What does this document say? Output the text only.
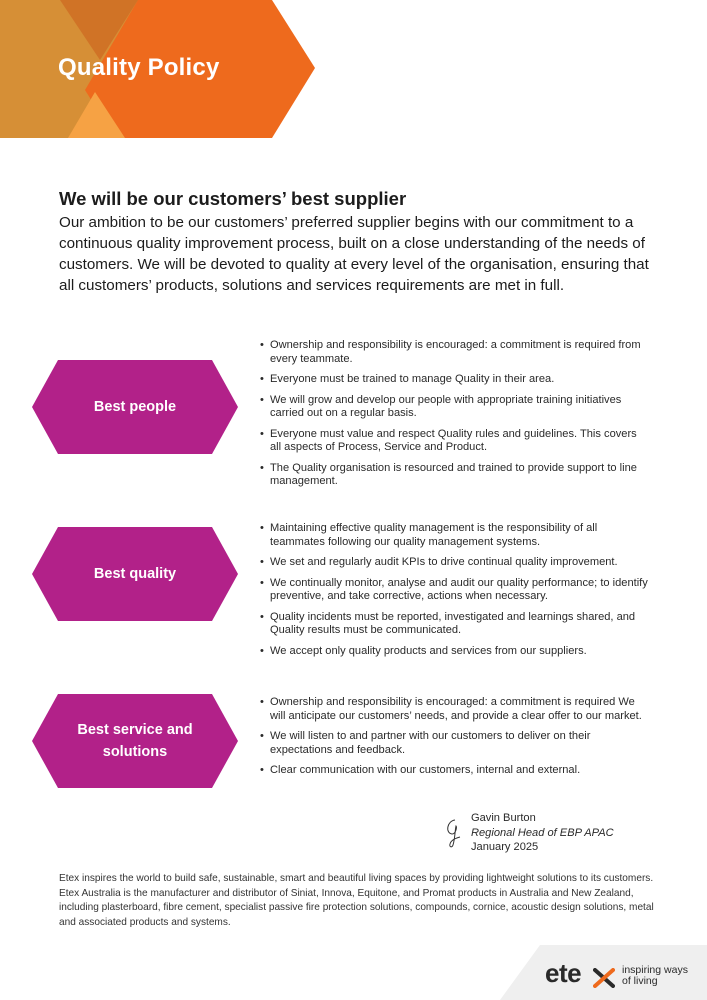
Quality Policy
We will be our customers’ best supplier

Our ambition to be our customers’ preferred supplier begins with our commitment to a continuous quality improvement process, built on a close understanding of the needs of customers. We will be devoted to quality at every level of the organisation, ensuring that all customers’ products, solutions and services requirements are met in full.

Best people
• Ownership and responsibility is encouraged: a commitment is required from every teammate.
• Everyone must be trained to manage Quality in their area.
• We will grow and develop our people with appropriate training initiatives carried out on a regular basis.
• Everyone must value and respect Quality rules and guidelines. This covers all aspects of Process, Service and Product.
• The Quality organisation is resourced and trained to provide support to line management.
Best quality
• Maintaining effective quality management is the responsibility of all teammates following our quality management systems.
• We set and regularly audit KPIs to drive continual quality improvement.
• We continually monitor, analyse and audit our quality performance; to identify preventive, and take corrective, actions when necessary.
• Quality incidents must be reported, investigated and learnings shared, and Quality results must be communicated.
• We accept only quality products and services from our suppliers.
Best service and solutions
• Ownership and responsibility is encouraged: a commitment is required We will anticipate our customers’ needs, and provide a clear offer to our market.
• We will listen to and partner with our customers to deliver on their expectations and feedback.
• Clear communication with our customers, internal and external.
Gavin Burton
Regional Head of EBP APAC
January 2025

Etex inspires the world to build safe, sustainable, smart and beautiful living spaces by providing lightweight solutions to its customers. Etex Australia is the manufacturer and distributor of Siniat, Innova, Equitone, and Promat products in Australia and New Zealand, including plasterboard, fibre cement, specialist passive fire protection solutions, compounds, cornice, acoustic design solutions, metal and associated products and systems.

ete	inspiring ways
of living
